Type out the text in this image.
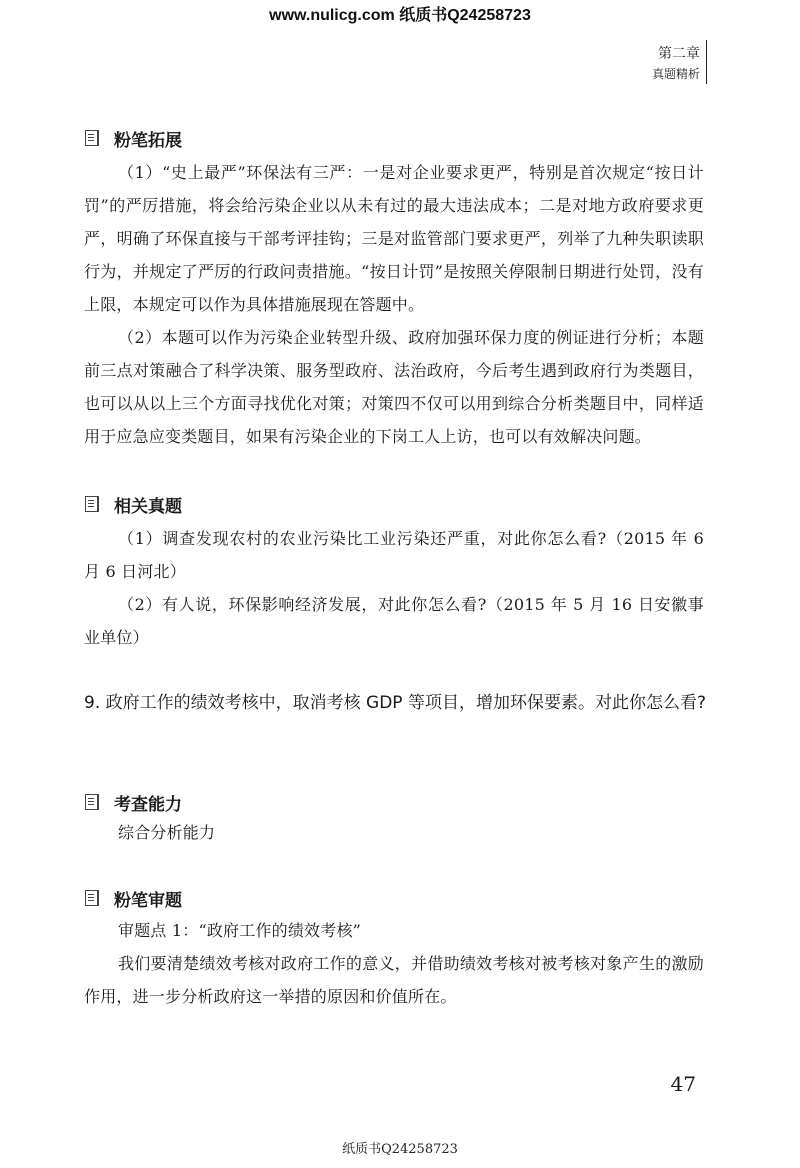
www.nulicg.com 纸质书Q24258723
第二章
真题精析
粉笔拓展

（1）“史上最严”环保法有三严：一是对企业要求更严，特别是首次规定“按日计罚”的严厉措施，将会给污染企业以从未有过的最大违法成本；二是对地方政府要求更严，明确了环保直接与干部考评挂钩；三是对监管部门要求更严，列举了九种失职读职行为，并规定了严厉的行政问责措施。“按日计罚”是按照关停限制日期进行处罚，没有上限，本规定可以作为具体措施展现在答题中。

（2）本题可以作为污染企业转型升级、政府加强环保力度的例证进行分析；本题前三点对策融合了科学决策、服务型政府、法治政府，今后考生遇到政府行为类题目，也可以从以上三个方面寻找优化对策；对策四不仅可以用到综合分析类题目中，同样适用于应急应变类题目，如果有污染企业的下岗工人上访，也可以有效解决问题。

相关真题

（1）调查发现农村的农业污染比工业污染还严重，对此你怎么看?（2015 年 6 月 6 日河北）

（2）有人说，环保影响经济发展，对此你怎么看?（2015 年 5 月 16 日安徽事业单位）

9. 政府工作的绩效考核中，取消考核 GDP 等项目，增加环保要素。对此你怎么看?

考查能力

综合分析能力

粉笔审题

审题点 1：“政府工作的绩效考核”

我们要清楚绩效考核对政府工作的意义，并借助绩效考核对被考核对象产生的激励作用，进一步分析政府这一举措的原因和价值所在。

47
纸质书Q24258723
